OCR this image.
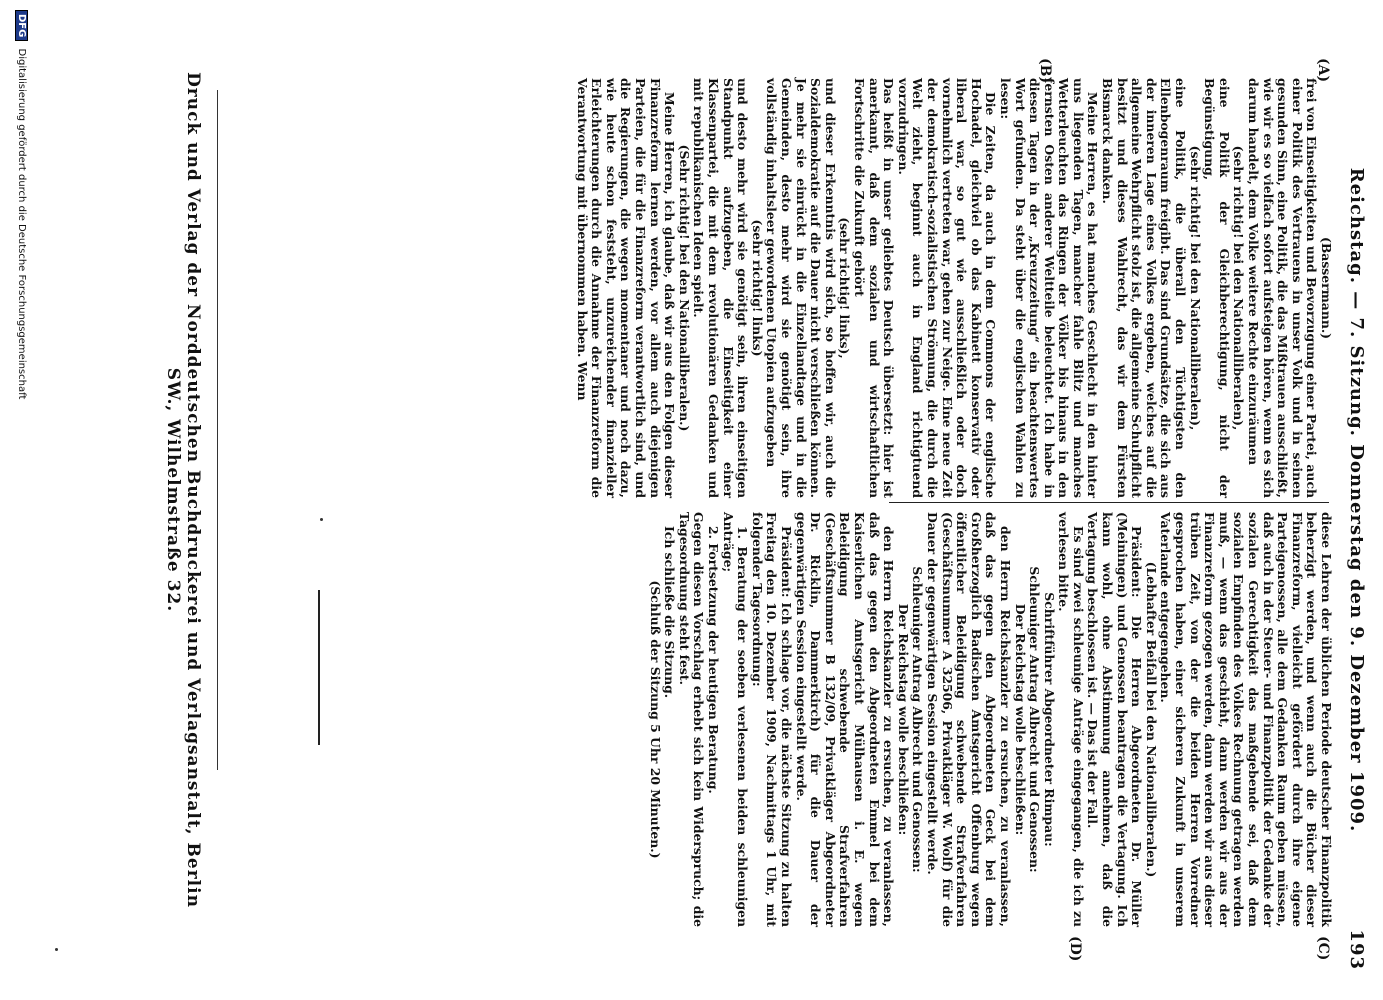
Reichstag. — 7. Sitzung. Donnerstag den 9. Dezember 1909.
193
(A)
(B)
(C)
(D)

(Bassermann.)

frei von Einseitigkeiten und Bevorzugung einer Partei, auch einer Politik des Vertrauens in unser Volk und in seinen gesunden Sinn, eine Politik, die das Mißtrauen ausschließt, wie wir es so vielfach sofort aufsteigen hören, wenn es sich darum handelt, dem Volke weitere Rechte einzuräumen

(sehr richtig! bei den Nationalliberalen),

eine Politik der Gleichberechtigung, nicht der Begünstigung,

(sehr richtig! bei den Nationalliberalen),

eine Politik, die überall den Tüchtigsten den Ellenbogenraum freigibt. Das sind Grundsätze, die sich aus der inneren Lage eines Volkes ergeben, welches auf die allgemeine Wehrpflicht stolz ist, die allgemeine Schulpflicht besitzt und dieses Wahlrecht, das wir dem Fürsten Bismarck danken.

Meine Herren, es hat manches Geschlecht in den hinter uns liegenden Tagen, mancher fahle Blitz und manches Wetterleuchten das Ringen der Völker bis hinaus in den fernsten Osten anderer Weltteile beleuchtet. Ich habe in diesen Tagen in der „Kreuzzeitung“ ein beachtenswertes Wort gefunden. Da steht über die englischen Wahlen zu lesen:

Die Zeiten, da auch in dem Commons der englische Hochadel, gleichviel ob das Kabinett konservativ oder liberal war, so gut wie ausschließlich oder doch vornehmlich vertreten war, gehen zur Neige. Eine neue Zeit der demokratisch-sozialistischen Strömung, die durch die Welt zieht, beginnt auch in England richtigtuend vorzudringen.

Das heißt in unser geliebtes Deutsch übersetzt: hier ist anerkannt, daß dem sozialen und wirtschaftlichen Fortschritte die Zukunft gehört

(sehr richtig! links),

und dieser Erkenntnis wird sich, so hoffen wir, auch die Sozialdemokratie auf die Dauer nicht verschließen können. Je mehr sie einrückt in die Einzellandtage und in die Gemeinden, desto mehr wird sie genötigt sein, ihre vollständig inhaltsleer gewordenen Utopien aufzugeben

(sehr richtig! links)

und desto mehr wird sie genötigt sein, ihren einseitigen Standpunkt aufzugeben, die Einseitigkeit einer Klassenpartei, die mit dem revolutionären Gedanken und mit republikanischen Ideen spielt.

(Sehr richtig! bei den Nationalliberalen.)

Meine Herren, ich glaube, daß wir aus den Folgen dieser Finanzreform lernen werden, vor allem auch diejenigen Parteien, die für die Finanzreform verantwortlich sind, und die Regierungen, die wegen momentaner und noch dazu, wie heute schon feststeht, unzureichender finanzieller Erleichterungen durch die Annahme der Finanzreform die Verantwortung mit übernommen haben. Wenn

diese Lehren der üblichen Periode deutscher Finanzpolitik beherzigt werden, und wenn auch die Bücher dieser Finanzreform, vielleicht gefördert durch ihre eigene Parteigenossen, alle dem Gedanken Raum geben müssen, daß auch in der Steuer- und Finanzpolitik der Gedanke der sozialen Gerechtigkeit das maßgebende sei, daß dem sozialen Empfinden des Volkes Rechnung getragen werden muß, — wenn das geschieht, dann werden wir aus der Finanzreform gezogen werden, dann werden wir aus dieser trüben Zeit, von der die beiden Herren Vorredner gesprochen haben, einer sicheren Zukunft in unserem Vaterlande entgegengehen.

(Lebhafter Beifall bei den Nationalliberalen.)

Präsident: Die Herren Abgeordneten Dr. Müller (Meiningen) und Genossen beantragen die Vertagung. Ich kann wohl, ohne Abstimmung annehmen, daß die Vertagung beschlossen ist. — Das ist der Fall.

Es sind zwei schleunige Anträge eingegangen, die ich zu verlesen bitte.

Schriftführer Abgeordneter Rimpau:

Schleuniger Antrag Albrecht und Genossen:

Der Reichstag wolle beschließen:

den Herrn Reichskanzler zu ersuchen, zu veranlassen, daß das gegen den Abgeordneten Geck bei dem Großherzoglich Badischen Amtsgericht Offenburg wegen öffentlicher Beleidigung schwebende Strafverfahren (Geschäftsnummer A 32506, Privatkläger W. Wolf) für die Dauer der gegenwärtigen Session eingestellt werde.

Schleuniger Antrag Albrecht und Genossen:

Der Reichstag wolle beschließen:

den Herrn Reichskanzler zu ersuchen, zu veranlassen, daß das gegen den Abgeordneten Emmel bei dem Kaiserlichen Amtsgericht Mülhausen i. E. wegen Beleidigung schwebende Strafverfahren (Geschäftsnummer B 132/09, Privatkläger Abgeordneter Dr. Ricklin, Dammerkirch) für die Dauer der gegenwärtigen Session eingestellt werde.

Präsident: Ich schlage vor, die nächste Sitzung zu halten Freitag den 10. Dezember 1909, Nachmittags 1 Uhr, mit folgender Tagesordnung:

1. Beratung der soeben verlesenen beiden schleunigen Anträge;

2. Fortsetzung der heutigen Beratung.

Gegen diesen Vorschlag erhebt sich kein Widerspruch; die Tagesordnung steht fest.

Ich schließe die Sitzung.

(Schluß der Sitzung 5 Uhr 20 Minuten.)

Druck und Verlag der Norddeutschen Buchdruckerei und Verlagsanstalt, Berlin SW., Wilhelmstraße 32.
DFG Digitalisierung gefördert durch die Deutsche Forschungsgemeinschaft
